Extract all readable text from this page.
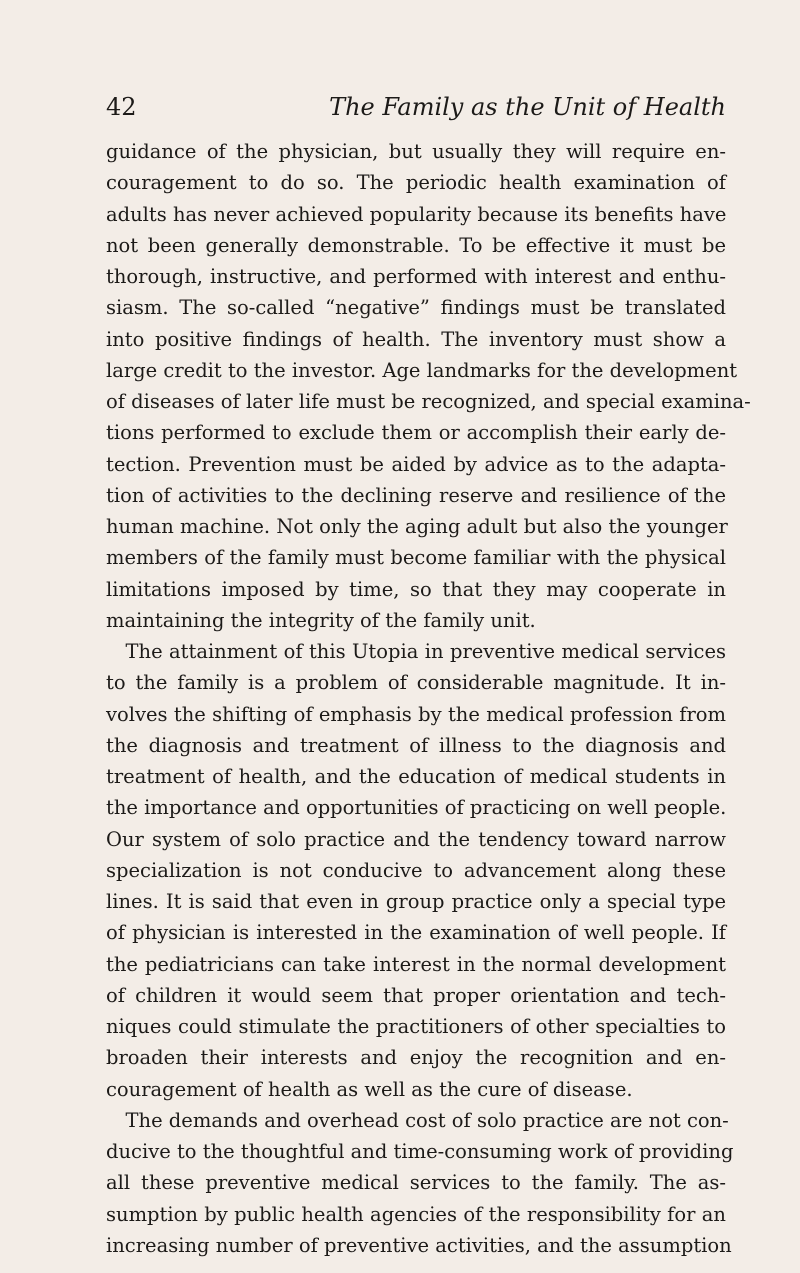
42	The Family as the Unit of Health
guidance of the physician, but usually they will require en-
couragement to do so. The periodic health examination of
adults has never achieved popularity because its benefits have
not been generally demonstrable. To be effective it must be
thorough, instructive, and performed with interest and enthu-
siasm. The so-called “negative” findings must be translated
into positive findings of health. The inventory must show a
large credit to the investor. Age landmarks for the development
of diseases of later life must be recognized, and special examina-
tions performed to exclude them or accomplish their early de-
tection. Prevention must be aided by advice as to the adapta-
tion of activities to the declining reserve and resilience of the
human machine. Not only the aging adult but also the younger
members of the family must become familiar with the physical
limitations imposed by time, so that they may cooperate in
maintaining the integrity of the family unit.
 The attainment of this Utopia in preventive medical services
to the family is a problem of considerable magnitude. It in-
volves the shifting of emphasis by the medical profession from
the diagnosis and treatment of illness to the diagnosis and
treatment of health, and the education of medical students in
the importance and opportunities of practicing on well people.
Our system of solo practice and the tendency toward narrow
specialization is not conducive to advancement along these
lines. It is said that even in group practice only a special type
of physician is interested in the examination of well people. If
the pediatricians can take interest in the normal development
of children it would seem that proper orientation and tech-
niques could stimulate the practitioners of other specialties to
broaden their interests and enjoy the recognition and en-
couragement of health as well as the cure of disease.
 The demands and overhead cost of solo practice are not con-
ducive to the thoughtful and time-consuming work of providing
all these preventive medical services to the family. The as-
sumption by public health agencies of the responsibility for an
increasing number of preventive activities, and the assumption
